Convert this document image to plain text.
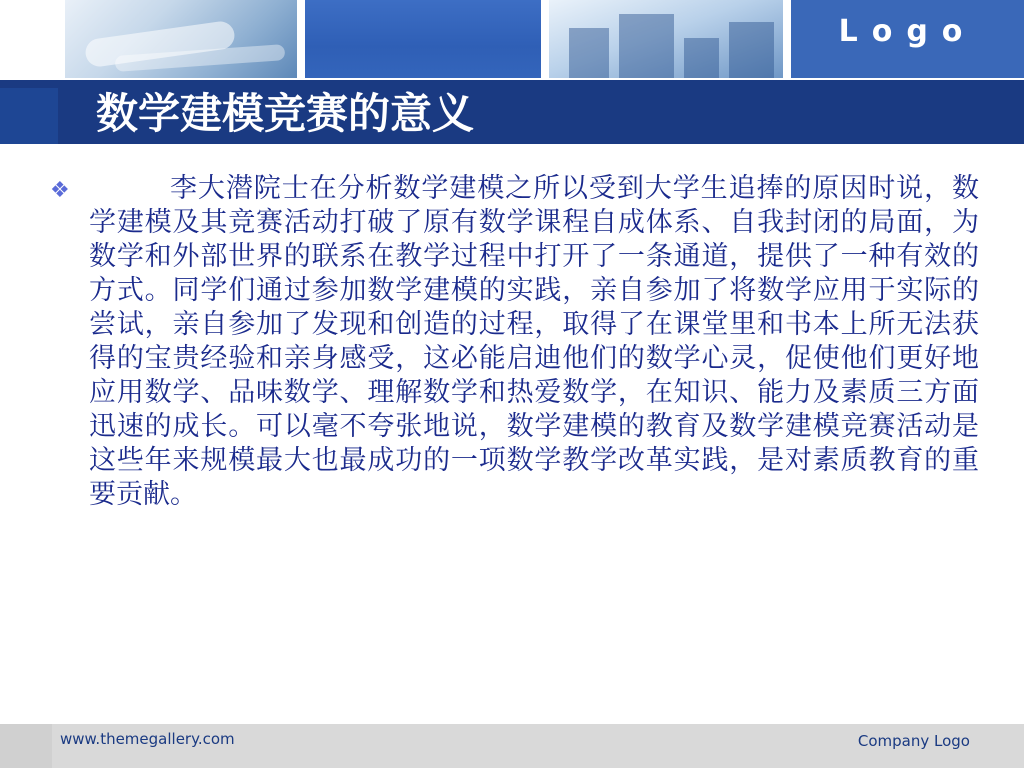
Logo
数学建模竞赛的意义
❖	李大潜院士在分析数学建模之所以受到大学生追捧的原因时说，数学建模及其竞赛活动打破了原有数学课程自成体系、自我封闭的局面，为数学和外部世界的联系在教学过程中打开了一条通道，提供了一种有效的方式。同学们通过参加数学建模的实践，亲自参加了将数学应用于实际的尝试，亲自参加了发现和创造的过程，取得了在课堂里和书本上所无法获得的宝贵经验和亲身感受，这必能启迪他们的数学心灵，促使他们更好地应用数学、品味数学、理解数学和热爱数学，在知识、能力及素质三方面迅速的成长。可以毫不夸张地说，数学建模的教育及数学建模竞赛活动是这些年来规模最大也最成功的一项数学教学改革实践，是对素质教育的重要贡献。
www.themegallery.com	Company Logo
